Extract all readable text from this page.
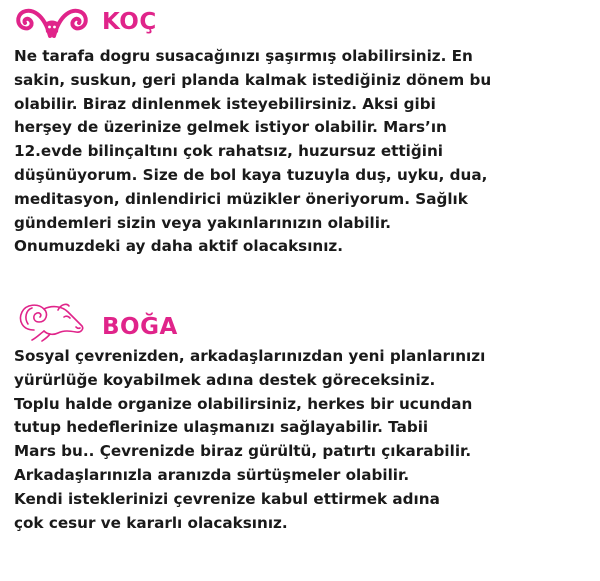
KOÇ
Ne tarafa dogru susacağınızı şaşırmış olabilirsiniz. En
sakin, suskun, geri planda kalmak istediğiniz dönem bu
olabilir. Biraz dinlenmek isteyebilirsiniz. Aksi gibi
herşey de üzerinize gelmek istiyor olabilir. Mars’ın
12.evde bilinçaltını çok rahatsız, huzursuz ettiğini
düşünüyorum. Size de bol kaya tuzuyla duş, uyku, dua,
meditasyon, dinlendirici müzikler öneriyorum. Sağlık
gündemleri sizin veya yakınlarınızın olabilir.
Onumuzdeki ay daha aktif olacaksınız.
BOĞA
Sosyal çevrenizden, arkadaşlarınızdan yeni planlarınızı
yürürlüğe koyabilmek adına destek göreceksiniz.
Toplu halde organize olabilirsiniz, herkes bir ucundan
tutup hedeflerinize ulaşmanızı sağlayabilir. Tabii
Mars bu.. Çevrenizde biraz gürültü, patırtı çıkarabilir.
Arkadaşlarınızla aranızda sürtüşmeler olabilir.
Kendi isteklerinizi çevrenize kabul ettirmek adına
çok cesur ve kararlı olacaksınız.
